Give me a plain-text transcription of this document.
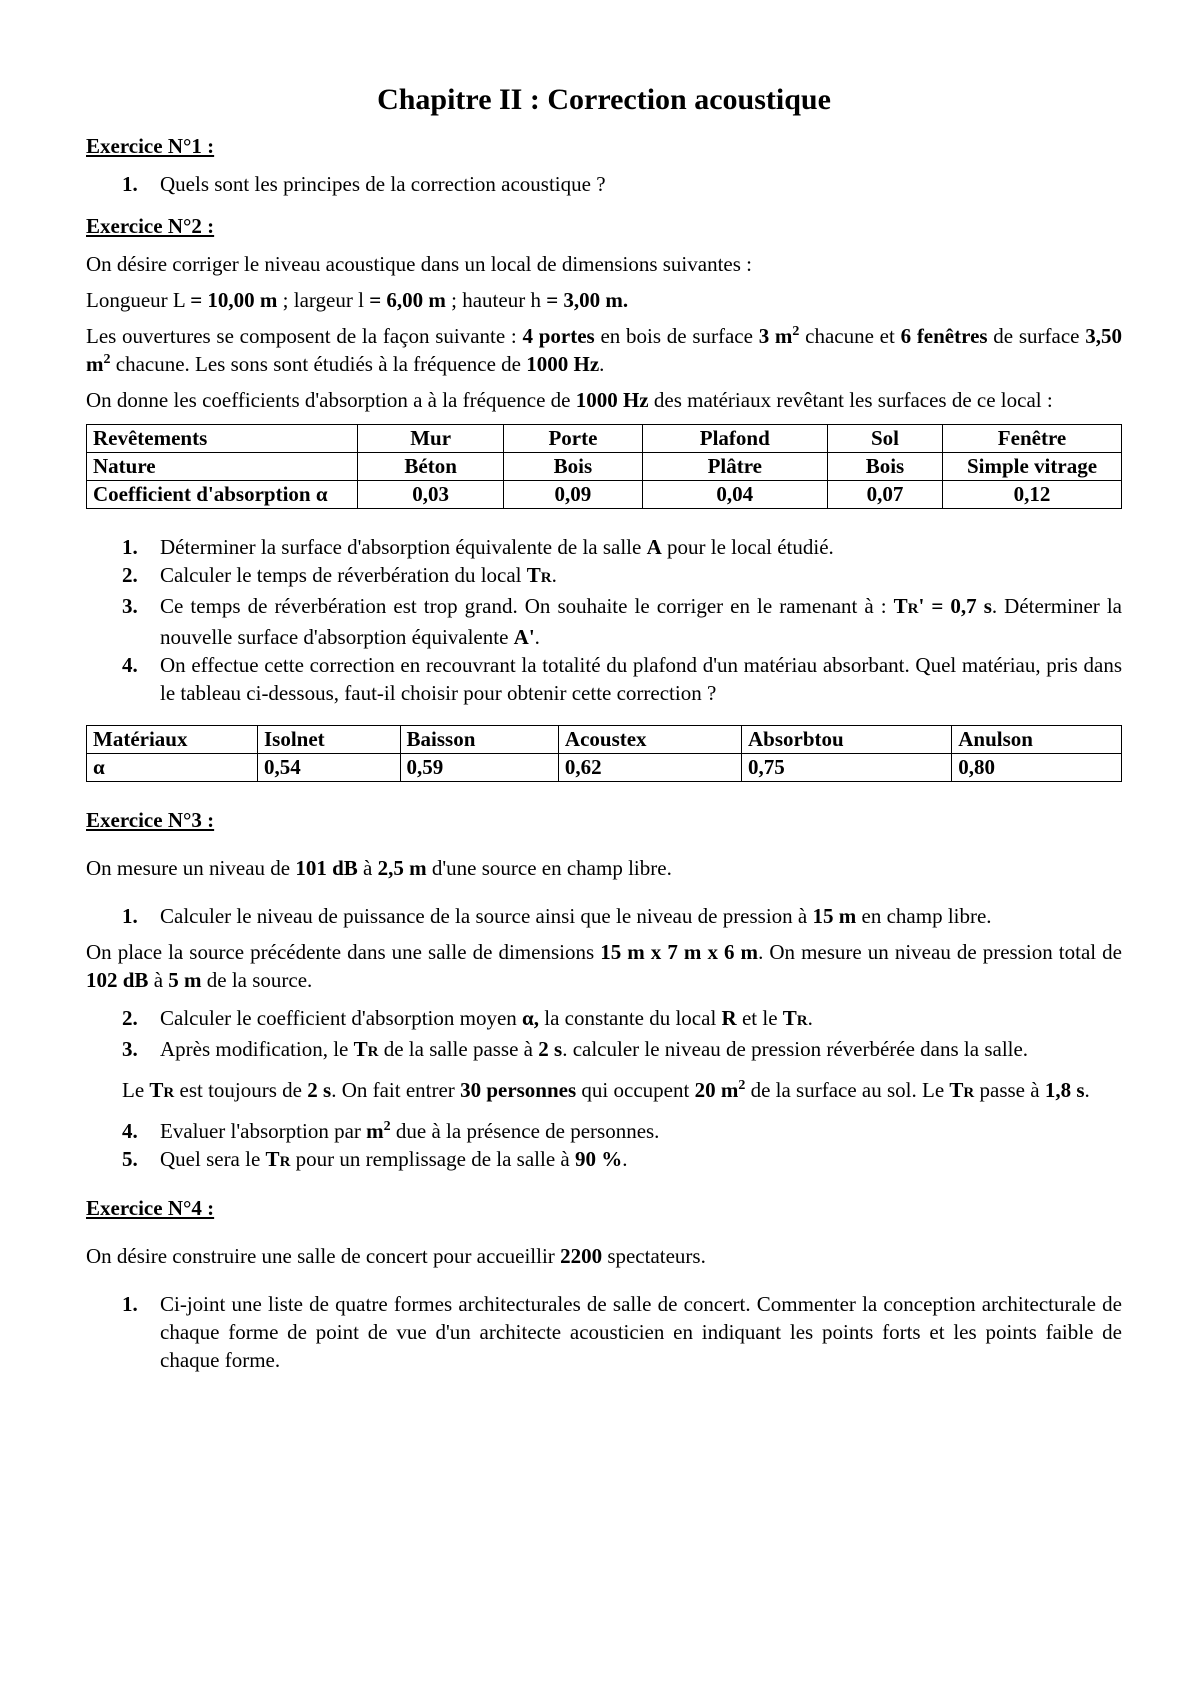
Chapitre II : Correction acoustique

Exercice N°1 :

1. Quels sont les principes de la correction acoustique ?

Exercice N°2 :

On désire corriger le niveau acoustique dans un local de dimensions suivantes :

Longueur L = 10,00 m ; largeur l = 6,00 m ; hauteur h = 3,00 m.

Les ouvertures se composent de la façon suivante : 4 portes en bois de surface 3 $m^2$ chacune et 6 fenêtres de surface 3,50 $m^2$ chacune. Les sons sont étudiés à la fréquence de 1000 Hz.

On donne les coefficients d'absorption a à la fréquence de 1000 Hz des matériaux revêtant les surfaces de ce local :

Revêtements	Mur	Porte	Plafond	Sol	Fenêtre
Nature	Béton	Bois	Plâtre	Bois	Simple vitrage
Coefficient d'absorption α	0,03	0,09	0,04	0,07	0,12
1. Déterminer la surface d'absorption équivalente de la salle A pour le local étudié.
2. Calculer le temps de réverbération du local TR.
3. Ce temps de réverbération est trop grand. On souhaite le corriger en le ramenant à : TR' = 0,7 s. Déterminer la nouvelle surface d'absorption équivalente A'.
4. On effectue cette correction en recouvrant la totalité du plafond d'un matériau absorbant. Quel matériau, pris dans le tableau ci-dessous, faut-il choisir pour obtenir cette correction ?
Matériaux	Isolnet	Baisson	Acoustex	Absorbtou	Anulson
α	0,54	0,59	0,62	0,75	0,80

Exercice N°3 :

On mesure un niveau de 101 dB à 2,5 m d'une source en champ libre.

1. Calculer le niveau de puissance de la source ainsi que le niveau de pression à 15 m en champ libre.

On place la source précédente dans une salle de dimensions 15 m x 7 m x 6 m. On mesure un niveau de pression total de 102 dB à 5 m de la source.

2. Calculer le coefficient d'absorption moyen α, la constante du local R et le TR.
3. Après modification, le TR de la salle passe à 2 s. calculer le niveau de pression réverbérée dans la salle.

Le TR est toujours de 2 s. On fait entrer 30 personnes qui occupent 20 $m^2$ de la surface au sol. Le TR passe à 1,8 s.

4. Evaluer l'absorption par $m^2$ due à la présence de personnes.
5. Quel sera le TR pour un remplissage de la salle à 90 %.

Exercice N°4 :

On désire construire une salle de concert pour accueillir 2200 spectateurs.

1. Ci-joint une liste de quatre formes architecturales de salle de concert. Commenter la conception architecturale de chaque forme de point de vue d'un architecte acousticien en indiquant les points forts et les points faible de chaque forme.
